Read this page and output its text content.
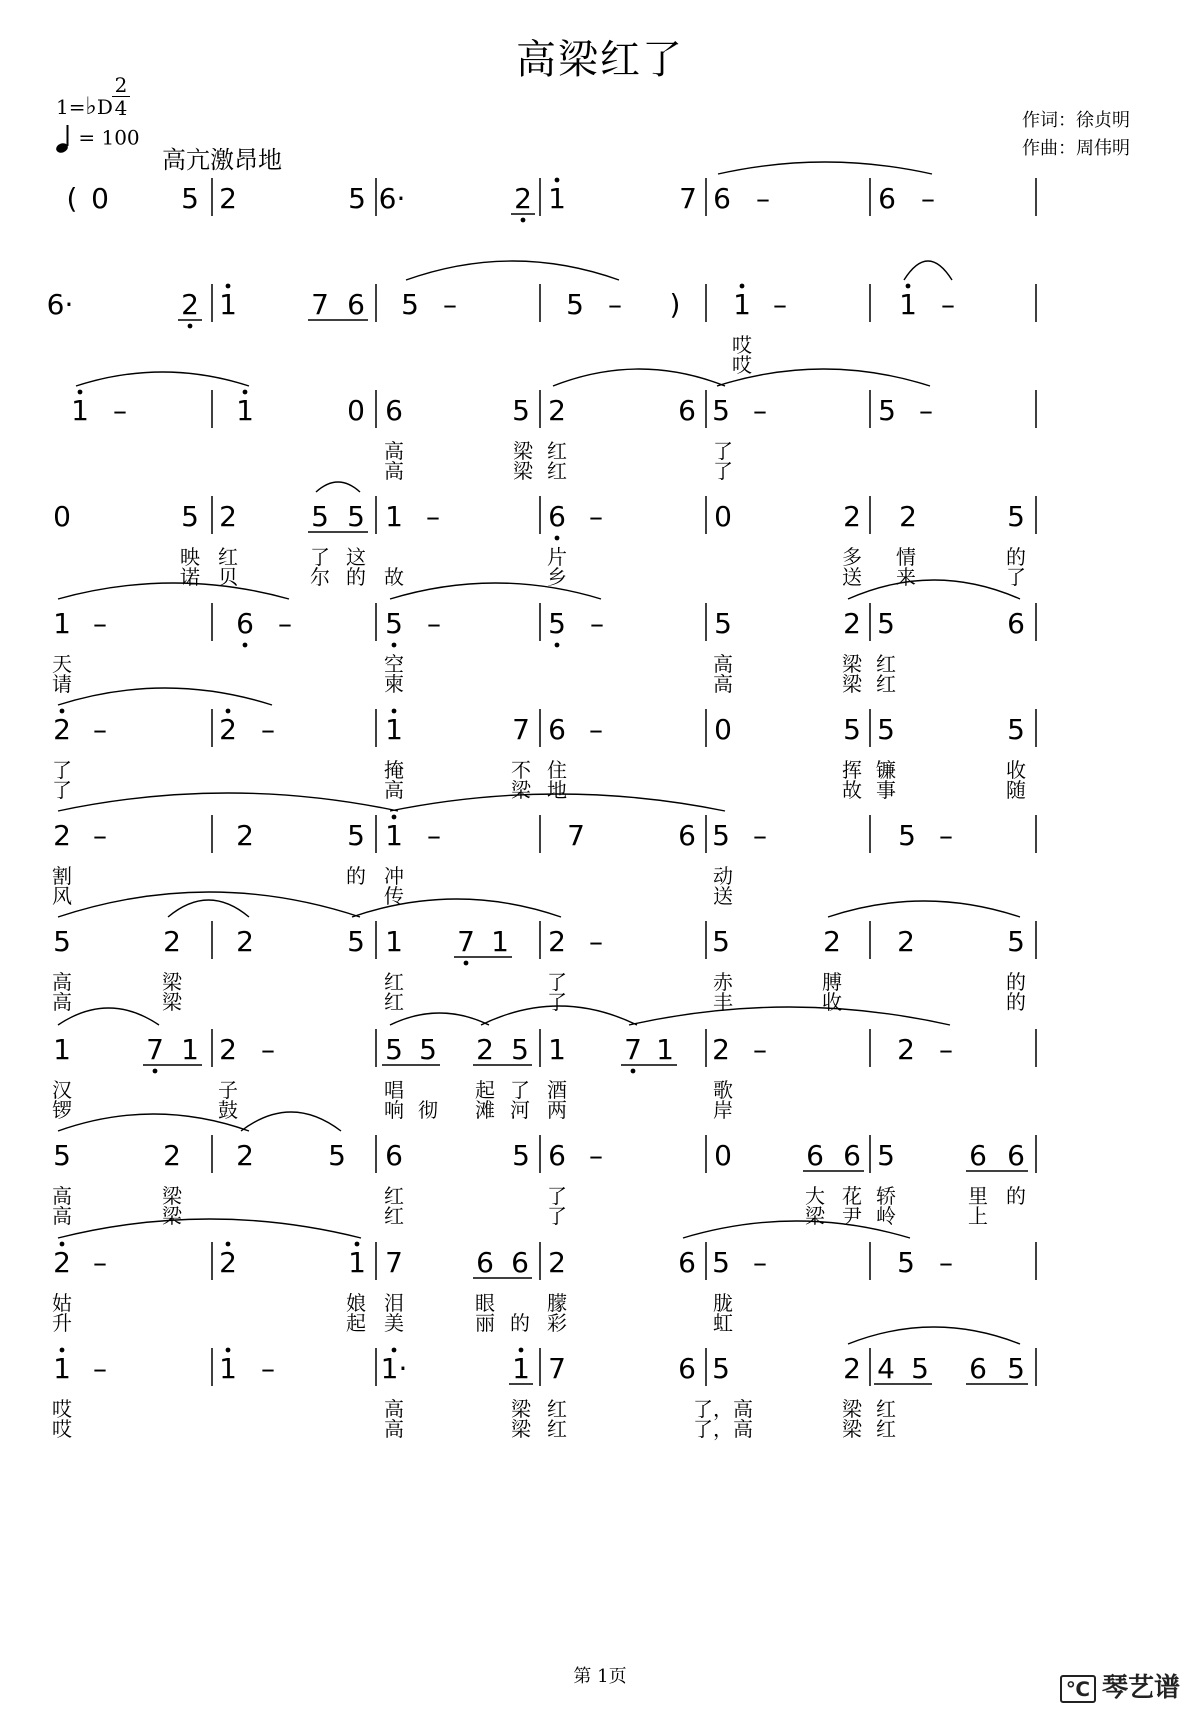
高梁红了
1=♭D
2
4
= 100
高亢激昂地
作词：徐贞明
作曲：周伟明
( 0	5 2	5 6·	2 1	7 6 –	6 –
6·	2 1	7 6 5 –	5 – ) 1 –	1 –
哎
哎
1 –	1	0 6	5 2	6 5 –	5 –
高	梁 红	了
高	梁 红	了
0	5 2	5 5 1 –	6 –	0	2 2	5
映 红	了 这	片	多 情	的
诺 贝	尔 的 故	乡	送 来	了
1 –	6 –	5 –	5 –	5	2 5	6
天	空	高	梁 红
请	柬	高	梁 红
2 –	2 –	1	7 6 –	0	5 5	5
了	掩	不 住	挥 镰	收
了	高	梁 地	故 事	随
2 –	2	5 1 –	7	6 5 –	5 –
割	的 冲	动
风	传	送
5	2 2	5 1 7 1 2 –	5	2 2	5
高	梁	红	了	赤	膊	的
高	梁	红	了	丰	收	的
1	7 1 2 –	5 5 2 5 1 7 1 2 –	2 –
汉	子	唱	起 了 酒	歌
锣	鼓	响 彻 滩 河 两	岸
5	2 2	5 6	5 6 –	0	6 6 5	6 6
高	梁	红	了	大 花 轿	里 的
高	梁	红	了	梁 尹 岭	上
2 –	2	1 7	6 6 2	6 5 –	5 –
姑	娘 泪	眼	朦	胧
升	起 美	丽 的 彩	虹
1 –	1 –	1·	1 7	6 5	2 4 5 6 5
哎	高	梁 红	了，高	梁 红
哎	高	梁 红	了，高	梁 红
第 1页
℃ 琴艺谱
